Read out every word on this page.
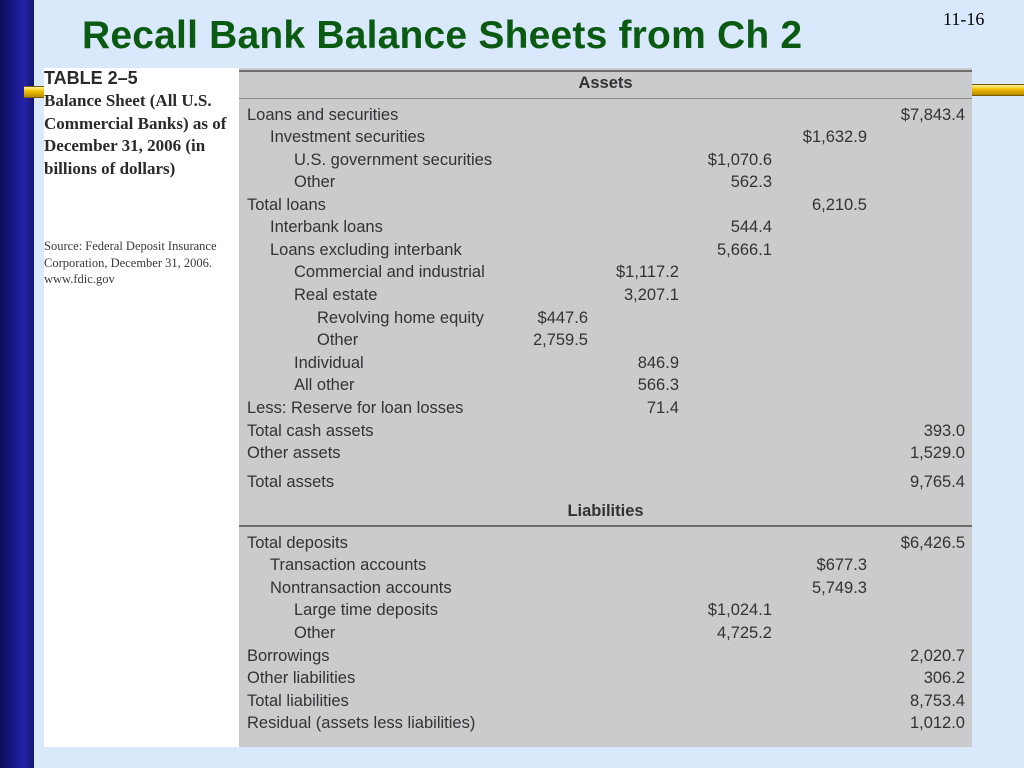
Recall Bank Balance Sheets from Ch 2	11-16
TABLE 2–5
Balance Sheet (All U.S. Commercial Banks) as of December 31, 2006 (in billions of dollars)
Source: Federal Deposit Insurance Corporation, December 31, 2006. www.fdic.gov
Assets
Loans and securities	$7,843.4
Investment securities	$1,632.9
U.S. government securities	$1,070.6
Other	562.3
Total loans	6,210.5
Interbank loans	544.4
Loans excluding interbank	5,666.1
Commercial and industrial	$1,117.2
Real estate	3,207.1
Revolving home equity	$447.6
Other	2,759.5
Individual	846.9
All other	566.3
Less: Reserve for loan losses	71.4
Total cash assets	393.0
Other assets	1,529.0
Total assets	9,765.4
Liabilities
Total deposits	$6,426.5
Transaction accounts	$677.3
Nontransaction accounts	5,749.3
Large time deposits	$1,024.1
Other	4,725.2
Borrowings	2,020.7
Other liabilities	306.2
Total liabilities	8,753.4
Residual (assets less liabilities)	1,012.0
